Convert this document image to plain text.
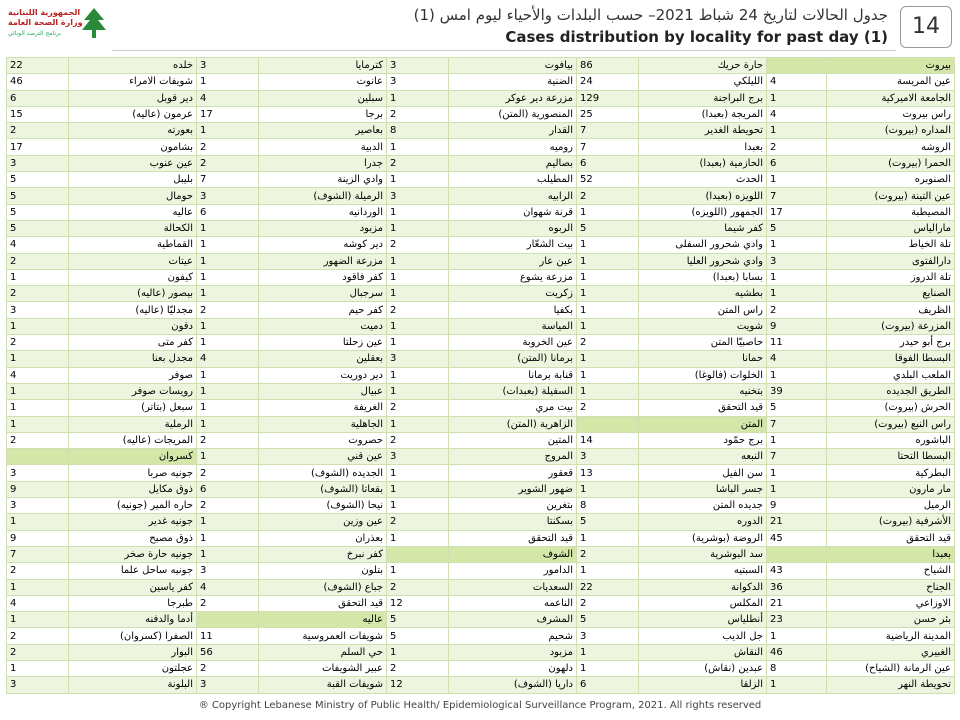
الجمهورية اللبنانية
وزارة الصحة العامة
برنامج الترصد الوبائي
جدول الحالات لتاريخ 24 شباط 2021– حسب البلدات والأحياء ليوم امس (1)
Cases distribution by locality for past day (1)	14
22	خلده	3	كترمايا	3	بيافوت	86	حارة حريك		بيروت
46	شويفات الامراء	1	عانوت	3	الضنية	24	الليلكي	4	عين المريسة
6	دير قوبل	4	سبلين	1	مزرعة دير عوكر	129	برج البراجنة	1	الجامعة الاميركية
15	عرمون (عاليه)	17	برجا	2	المنصورية (المتن)	25	المريجة (بعبدا)	4	راس بيروت
2	بعورته	1	بعاصير	8	القدار	7	تحويطة الغدير	1	المداره (بيروت)
17	بشامون	2	الدبية	1	روميه	7	بعبدا	2	الروشه
3	عين عنوب	2	جدرا	2	بصاليم	6	الحازمية (بعبدا)	6	الحمرا (بيروت)
5	بليبل	7	وادي الزينة	1	المطيلب	52	الحدث	1	الصنوبره
5	حومال	3	الرميلة (الشوف)	3	الرابيه	2	اللويزه (بعبدا)	7	عين التينة (بيروت)
5	عاليه	6	الوردانيه	1	قرنة شهوان	1	الجمهور (اللويزه)	17	المصيطبة
5	الكحالة	1	مزبود	1	الربوه	5	كفر شيما	5	مارالياس
4	القماطية	1	دير كوشه	2	بيت الشعّار	1	وادي شحرور السفلى	1	تلة الخياط
2	عيتات	1	مزرعة الضهور	1	عين عار	1	وادي شحرور العليا	3	دارالفتوى
1	كيفون	1	كفر فاقود	1	مزرعة يشوع	1	بسابا (بعبدا)	1	تلة الدروز
2	بيصور (عاليه)	1	سرجبال	1	زكريت	1	بطشيه	1	الصنايع
3	مجدليّا (عاليه)	2	كفر حيم	2	بكفيا	1	راس المتن	2	الظريف
1	دقون	1	دميت	1	المياسة	1	شويت	9	المزرعة (بيروت)
2	كفر متى	1	عين زحلتا	1	عين الخروبة	2	حاصبيّا المتن	11	برج أبو حيدر
1	مجدل بعنا	4	بعقلين	3	برمانا (المتن)	1	حمانا	4	البسطا الفوقا
4	صوفر	1	دير دوريت	1	قنابة برمانا	1	الخلوات (فالوغا)	1	الملعب البلدي
1	رويسات صوفر	1	عبيال	1	السفيلة (بعبدات)	1	بتخنيه	39	الطريق الجديده
1	سبعل (بتاتر)	1	الغريفة	2	بيت مري	2	قيد التحقق	5	الحرش (بيروت)
1	الرملية	1	الجاهلية	1	الزاهرية (المتن)		المتن	7	راس النبع (بيروت)
2	المريجات (عاليه)	2	حصروت	2	المتين	14	برج حمّود	1	الباشوره
	كسروان	1	عين قني	3	المروج	3	النبعه	7	البسطا التحتا
3	جونيه صربا	2	الجديده (الشوف)	1	قعقور	13	سن الفيل	1	البطركية
9	ذوق مكايل	6	بقعاتا (الشوف)	1	ضهور الشوير	1	جسر الباشا	1	مار مارون
3	حاره المير (جونيه)	2	نيحا (الشوف)	1	بتغرين	8	جديده المتن	9	الرميل
1	جونيه غدير	1	عين وزين	2	بسكنتا	5	الدوره	21	الأشرفية (بيروت)
9	ذوق مصبح	1	بعذران	1	قيد التحقق	1	الروضة (بوشرية)	45	قيد التحقق
7	جونيه حارة صخر	1	كفر نبرخ		الشوف	2	سد البوشرية		بعبدا
2	جونيه ساحل علما	3	بتلون	1	الدامور	1	السبتيه	43	الشياح
1	كفر ياسين	4	جباع (الشوف)	2	السعديات	22	الدكوانة	36	الجناح
4	طبرجا	2	قيد التحقق	12	الناعمه	2	المكلس	21	الاوزاعي
1	أدما والدفنه		عاليه	5	المشرف	5	أنطلياس	23	بئر حسن
2	الصفرا (كسروان)	11	شويفات العمروسية	5	شحيم	3	جل الديب	1	المدينة الرياضية
2	البوار	56	حي السلم	1	مزبود	1	النقاش	46	الغبيري
1	عجلتون	2	عبير الشويفات	2	دلهون	1	عبدين (نقاش)	8	عين الرمانة (الشياح)
3	البلونة	3	شويفات القبة	12	داريا (الشوف)	6	الزلقا	1	تحويطة النهر
® Copyright Lebanese Ministry of Public Health/ Epidemiological Surveillance Program, 2021. All rights reserved
